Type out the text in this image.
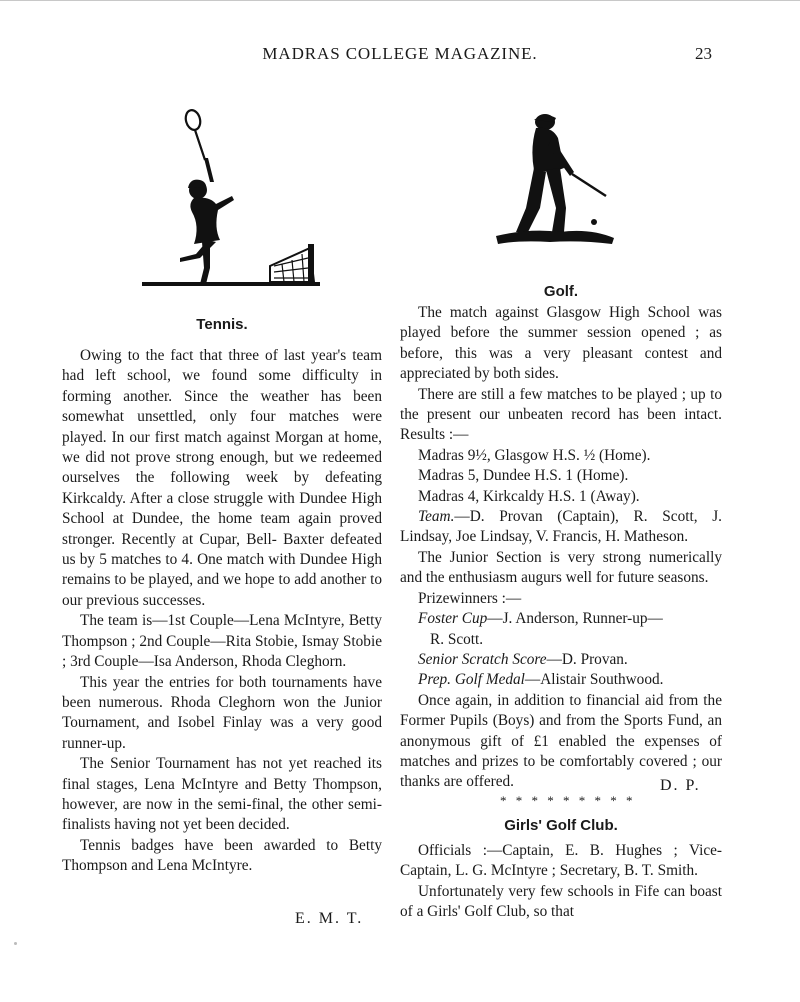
MADRAS COLLEGE MAGAZINE.	23
Tennis.

Owing to the fact that three of last year's team had left school, we found some difficulty in forming another. Since the weather has been somewhat unsettled, only four matches were played. In our first match against Morgan at home, we did not prove strong enough, but we redeemed ourselves the following week by defeating Kirkcaldy. After a close struggle with Dundee High School at Dundee, the home team again proved stronger. Recently at Cupar, Bell- Baxter defeated us by 5 matches to 4. One match with Dundee High remains to be played, and we hope to add another to our previous successes.

The team is—1st Couple—Lena McIntyre, Betty Thompson ; 2nd Couple—Rita Stobie, Ismay Stobie ; 3rd Couple—Isa Anderson, Rhoda Cleghorn.

This year the entries for both tournaments have been numerous. Rhoda Cleghorn won the Junior Tournament, and Isobel Finlay was a very good runner-up.

The Senior Tournament has not yet reached its final stages, Lena McIntyre and Betty Thompson, however, are now in the semi-final, the other semi-finalists having not yet been decided.

Tennis badges have been awarded to Betty Thompson and Lena McIntyre.

E. M. T.
Golf.

The match against Glasgow High School was played before the summer session opened ; as before, this was a very pleasant contest and appreciated by both sides.

There are still a few matches to be played ; up to the present our unbeaten record has been intact. Results :—

Madras 9½, Glasgow H.S. ½ (Home).

Madras 5, Dundee H.S. 1 (Home).

Madras 4, Kirkcaldy H.S. 1 (Away).

Team.—D. Provan (Captain), R. Scott, J. Lindsay, Joe Lindsay, V. Francis, H. Matheson.

The Junior Section is very strong numerically and the enthusiasm augurs well for future seasons.

Prizewinners :—

Foster Cup—J. Anderson, Runner-up—

R. Scott.

Senior Scratch Score—D. Provan.

Prep. Golf Medal—Alistair Southwood.

Once again, in addition to financial aid from the Former Pupils (Boys) and from the Sports Fund, an anonymous gift of £1 enabled the expenses of matches and prizes to be comfortably covered ; our thanks are offered.	D. P.
* * * * * * * * *
Girls' Golf Club.

Officials :—Captain, E. B. Hughes ; Vice-Captain, L. G. McIntyre ; Secretary, B. T. Smith.

Unfortunately very few schools in Fife can boast of a Girls' Golf Club, so that
